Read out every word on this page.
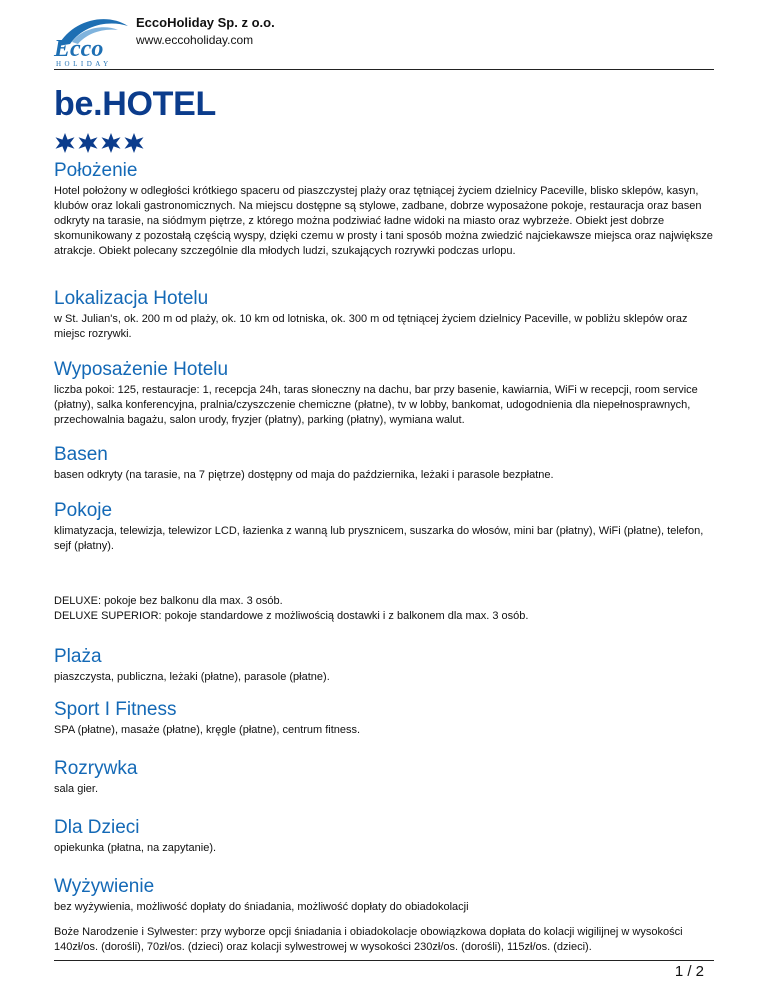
Ecco
HOLIDAY
EccoHoliday Sp. z o.o.
www.eccoholiday.com
be.HOTEL
Położenie

Hotel położony w odległości krótkiego spaceru od piaszczystej plaży oraz tętniącej życiem dzielnicy Paceville, blisko sklepów, kasyn, klubów oraz lokali gastronomicznych. Na miejscu dostępne są stylowe, zadbane, dobrze wyposażone pokoje, restauracja oraz basen odkryty na tarasie, na siódmym piętrze, z którego można podziwiać ładne widoki na miasto oraz wybrzeże. Obiekt jest dobrze skomunikowany z pozostałą częścią wyspy, dzięki czemu w prosty i tani sposób można zwiedzić najciekawsze miejsca oraz największe atrakcje. Obiekt polecany szczególnie dla młodych ludzi, szukających rozrywki podczas urlopu.

Lokalizacja Hotelu

w St. Julian's, ok. 200 m od plaży, ok. 10 km od lotniska, ok. 300 m od tętniącej życiem dzielnicy Paceville, w pobliżu sklepów oraz miejsc rozrywki.

Wyposażenie Hotelu

liczba pokoi: 125, restauracje: 1, recepcja 24h, taras słoneczny na dachu, bar przy basenie, kawiarnia, WiFi w recepcji, room service (płatny), salka konferencyjna, pralnia/czyszczenie chemiczne (płatne), tv w lobby, bankomat, udogodnienia dla niepełnosprawnych, przechowalnia bagażu, salon urody, fryzjer (płatny), parking (płatny), wymiana walut.

Basen

basen odkryty (na tarasie, na 7 piętrze) dostępny od maja do października, leżaki i parasole bezpłatne.

Pokoje

klimatyzacja, telewizja, telewizor LCD, łazienka z wanną lub prysznicem, suszarka do włosów, mini bar (płatny), WiFi (płatne), telefon, sejf (płatny).

DELUXE: pokoje bez balkonu dla max. 3 osób.

DELUXE SUPERIOR: pokoje standardowe z możliwością dostawki i z balkonem dla max. 3 osób.

Plaża

piaszczysta, publiczna, leżaki (płatne), parasole (płatne).

Sport I Fitness

SPA (płatne), masaże (płatne), kręgle (płatne), centrum fitness.

Rozrywka

sala gier.

Dla Dzieci

opiekunka (płatna, na zapytanie).

Wyżywienie

bez wyżywienia, możliwość dopłaty do śniadania, możliwość dopłaty do obiadokolacji

Boże Narodzenie i Sylwester: przy wyborze opcji śniadania i obiadokolacje obowiązkowa dopłata do kolacji wigilijnej w wysokości 140zł/os. (dorośli), 70zł/os. (dzieci) oraz kolacji sylwestrowej w wysokości 230zł/os. (dorośli), 115zł/os. (dzieci).

1 / 2
